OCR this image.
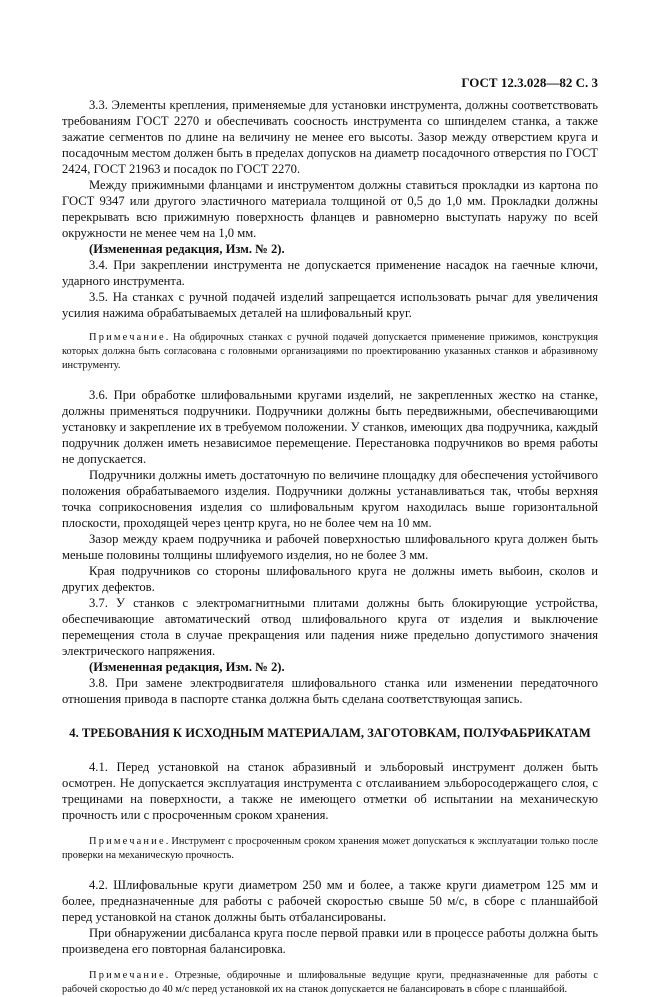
ГОСТ 12.3.028—82 С. 3

3.3. Элементы крепления, применяемые для установки инструмента, должны соответствовать требованиям ГОСТ 2270 и обеспечивать соосность инструмента со шпинделем станка, а также зажатие сегментов по длине на величину не менее его высоты. Зазор между отверстием круга и посадочным местом должен быть в пределах допусков на диаметр посадочного отверстия по ГОСТ 2424, ГОСТ 21963 и посадок по ГОСТ 2270.

Между прижимными фланцами и инструментом должны ставиться прокладки из картона по ГОСТ 9347 или другого эластичного материала толщиной от 0,5 до 1,0 мм. Прокладки должны перекрывать всю прижимную поверхность фланцев и равномерно выступать наружу по всей окружности не менее чем на 1,0 мм.

(Измененная редакция, Изм. № 2).

3.4. При закреплении инструмента не допускается применение насадок на гаечные ключи, ударного инструмента.

3.5. На станках с ручной подачей изделий запрещается использовать рычаг для увеличения усилия нажима обрабатываемых деталей на шлифовальный круг.

Примечание. На обдирочных станках с ручной подачей допускается применение прижимов, конструкция которых должна быть согласована с головными организациями по проектированию указанных станков и абразивному инструменту.

3.6. При обработке шлифовальными кругами изделий, не закрепленных жестко на станке, должны применяться подручники. Подручники должны быть передвижными, обеспечивающими установку и закрепление их в требуемом положении. У станков, имеющих два подручника, каждый подручник должен иметь независимое перемещение. Перестановка подручников во время работы не допускается.

Подручники должны иметь достаточную по величине площадку для обеспечения устойчивого положения обрабатываемого изделия. Подручники должны устанавливаться так, чтобы верхняя точка соприкосновения изделия со шлифовальным кругом находилась выше горизонтальной плоскости, проходящей через центр круга, но не более чем на 10 мм.

Зазор между краем подручника и рабочей поверхностью шлифовального круга должен быть меньше половины толщины шлифуемого изделия, но не более 3 мм.

Края подручников со стороны шлифовального круга не должны иметь выбоин, сколов и других дефектов.

3.7. У станков с электромагнитными плитами должны быть блокирующие устройства, обеспечивающие автоматический отвод шлифовального круга от изделия и выключение перемещения стола в случае прекращения или падения ниже предельно допустимого значения электрического напряжения.

(Измененная редакция, Изм. № 2).

3.8. При замене электродвигателя шлифовального станка или изменении передаточного отношения привода в паспорте станка должна быть сделана соответствующая запись.

4. ТРЕБОВАНИЯ К ИСХОДНЫМ МАТЕРИАЛАМ, ЗАГОТОВКАМ, ПОЛУФАБРИКАТАМ

4.1. Перед установкой на станок абразивный и эльборовый инструмент должен быть осмотрен. Не допускается эксплуатация инструмента с отслаиванием эльборосодержащего слоя, с трещинами на поверхности, а также не имеющего отметки об испытании на механическую прочность или с просроченным сроком хранения.

Примечание. Инструмент с просроченным сроком хранения может допускаться к эксплуатации только после проверки на механическую прочность.

4.2. Шлифовальные круги диаметром 250 мм и более, а также круги диаметром 125 мм и более, предназначенные для работы с рабочей скоростью свыше 50 м/с, в сборе с планшайбой перед установкой на станок должны быть отбалансированы.

При обнаружении дисбаланса круга после первой правки или в процессе работы должна быть произведена его повторная балансировка.

Примечание. Отрезные, обдирочные и шлифовальные ведущие круги, предназначенные для работы с рабочей скоростью до 40 м/с перед установкой их на станок допускается не балансировать в сборе с планшайбой.
